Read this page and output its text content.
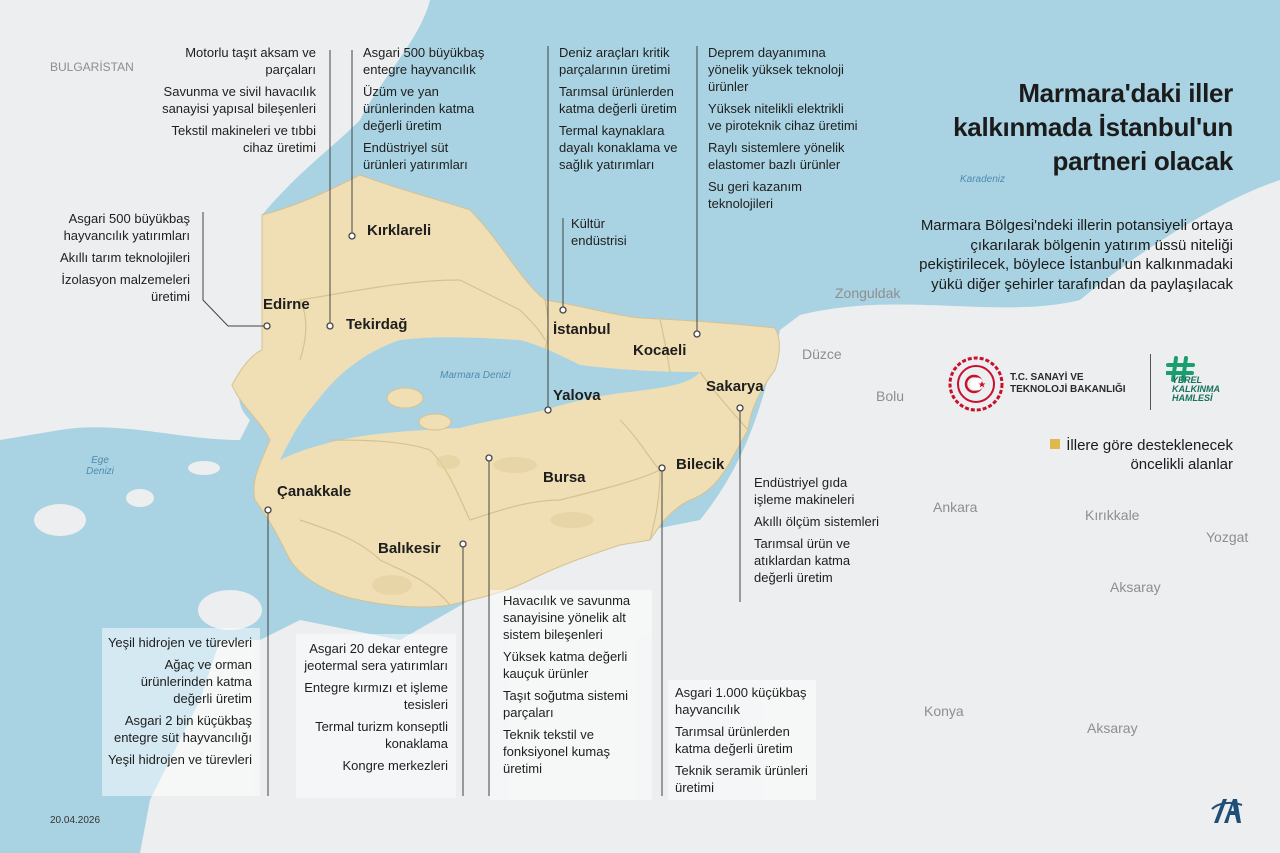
Karadeniz
Marmara Denizi
Ege
Denizi
BULGARİSTAN
Zonguldak
Düzce
Bolu
Ankara	Kırıkkale
Yozgat
Aksaray
Konya
Aksaray
Kırklareli
Edirne
Tekirdağ	İstanbul
Kocaeli
Yalova
Sakarya
Bursa
Bilecik
Çanakkale
Balıkesir

Motorlu taşıt aksam ve parçaları

Savunma ve sivil havacılık sanayisi yapısal bileşenleri

Tekstil makineleri ve tıbbi cihaz üretimi

Asgari 500 büyükbaş entegre hayvancılık

Üzüm ve yan ürünlerinden katma değerli üretim

Endüstriyel süt ürünleri yatırımları

Asgari 500 büyükbaş hayvancılık yatırımları

Akıllı tarım teknolojileri

İzolasyon malzemeleri üretimi

Deniz araçları kritik parçalarının üretimi

Tarımsal ürünlerden katma değerli üretim

Termal kaynaklara dayalı konaklama ve sağlık yatırımları

Kültür endüstrisi

Deprem dayanımına yönelik yüksek teknoloji ürünler

Yüksek nitelikli elektrikli ve piroteknik cihaz üretimi

Raylı sistemlere yönelik elastomer bazlı ürünler

Su geri kazanım teknolojileri

Endüstriyel gıda işleme makineleri

Akıllı ölçüm sistemleri

Tarımsal ürün ve atıklardan katma değerli üretim

Yeşil hidrojen ve türevleri

Ağaç ve orman ürünlerinden katma değerli üretim

Asgari 2 bin küçükbaş entegre süt hayvancılığı

Yeşil hidrojen ve türevleri

Asgari 20 dekar entegre jeotermal sera yatırımları

Entegre kırmızı et işleme tesisleri

Termal turizm konseptli konaklama

Kongre merkezleri

Havacılık ve savunma sanayisine yönelik alt sistem bileşenleri

Yüksek katma değerli kauçuk ürünler

Taşıt soğutma sistemi parçaları

Teknik tekstil ve fonksiyonel kumaş üretimi

Asgari 1.000 küçükbaş hayvancılık

Tarımsal ürünlerden katma değerli üretim

Teknik seramik ürünleri üretimi

Marmara'daki iller
kalkınmada İstanbul'un
partneri olacak
Marmara Bölgesi'ndeki illerin potansiyeli ortaya çıkarılarak bölgenin yatırım üssü niteliği pekiştirilecek, böylece İstanbul'un kalkınmadaki yükü diğer şehirler tarafından da paylaşılacak
T.C. SANAYİ VE
TEKNOLOJİ BAKANLIĞI
YEREL
KALKINMA
HAMLESİ
İllere göre desteklenecek öncelikli alanlar
20.04.2026
